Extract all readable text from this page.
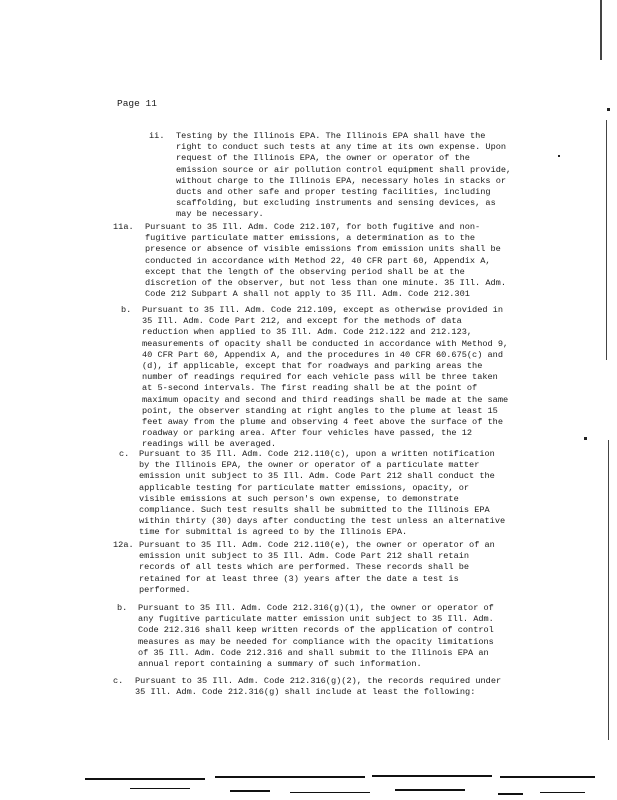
Page 11
ii. Testing by the Illinois EPA. The Illinois EPA shall have the

right to conduct such tests at any time at its own expense. Upon

request of the Illinois EPA, the owner or operator of the

emission source or air pollution control equipment shall provide,

without charge to the Illinois EPA, necessary holes in stacks or

ducts and other safe and proper testing facilities, including

scaffolding, but excluding instruments and sensing devices, as

may be necessary.

11a. Pursuant to 35 Ill. Adm. Code 212.107, for both fugitive and non-

fugitive particulate matter emissions, a determination as to the

presence or absence of visible emissions from emission units shall be

conducted in accordance with Method 22, 40 CFR part 60, Appendix A,

except that the length of the observing period shall be at the

discretion of the observer, but not less than one minute. 35 Ill. Adm.

Code 212 Subpart A shall not apply to 35 Ill. Adm. Code 212.301

b. Pursuant to 35 Ill. Adm. Code 212.109, except as otherwise provided in

35 Ill. Adm. Code Part 212, and except for the methods of data

reduction when applied to 35 Ill. Adm. Code 212.122 and 212.123,

measurements of opacity shall be conducted in accordance with Method 9,

40 CFR Part 60, Appendix A, and the procedures in 40 CFR 60.675(c) and

(d), if applicable, except that for roadways and parking areas the

number of readings required for each vehicle pass will be three taken

at 5-second intervals. The first reading shall be at the point of

maximum opacity and second and third readings shall be made at the same

point, the observer standing at right angles to the plume at least 15

feet away from the plume and observing 4 feet above the surface of the

roadway or parking area. After four vehicles have passed, the 12

readings will be averaged.

c. Pursuant to 35 Ill. Adm. Code 212.110(c), upon a written notification

by the Illinois EPA, the owner or operator of a particulate matter

emission unit subject to 35 Ill. Adm. Code Part 212 shall conduct the

applicable testing for particulate matter emissions, opacity, or

visible emissions at such person's own expense, to demonstrate

compliance. Such test results shall be submitted to the Illinois EPA

within thirty (30) days after conducting the test unless an alternative

time for submittal is agreed to by the Illinois EPA.

12a. Pursuant to 35 Ill. Adm. Code 212.110(e), the owner or operator of an

emission unit subject to 35 Ill. Adm. Code Part 212 shall retain

records of all tests which are performed. These records shall be

retained for at least three (3) years after the date a test is

performed.

b. Pursuant to 35 Ill. Adm. Code 212.316(g)(1), the owner or operator of

any fugitive particulate matter emission unit subject to 35 Ill. Adm.

Code 212.316 shall keep written records of the application of control

measures as may be needed for compliance with the opacity limitations

of 35 Ill. Adm. Code 212.316 and shall submit to the Illinois EPA an

annual report containing a summary of such information.

c. Pursuant to 35 Ill. Adm. Code 212.316(g)(2), the records required under

35 Ill. Adm. Code 212.316(g) shall include at least the following:
